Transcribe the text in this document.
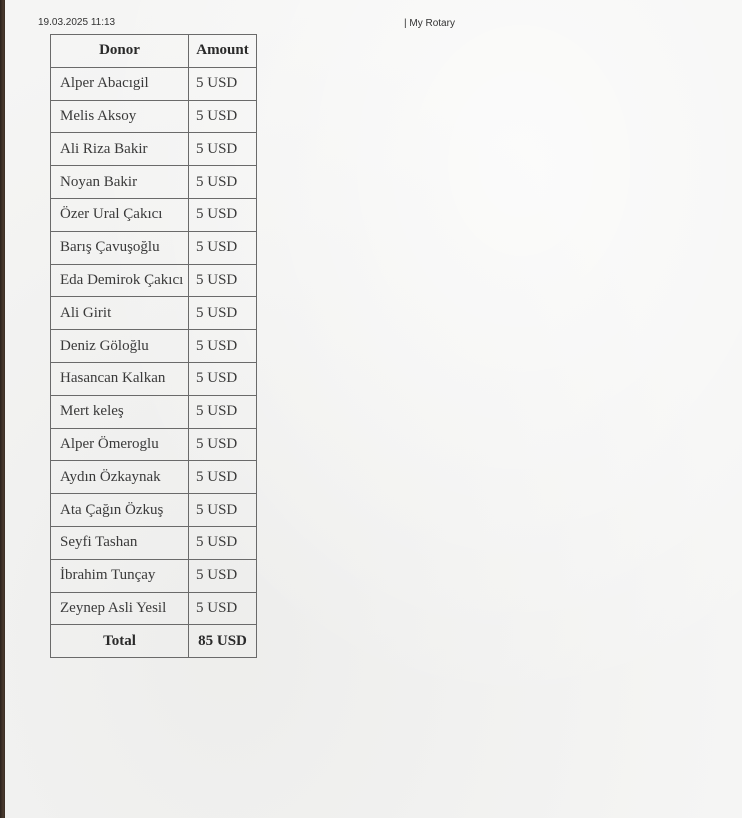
19.03.2025 11:13	| My Rotary
Donor	Amount
Alper Abacıgil	5 USD
Melis Aksoy	5 USD
Ali Riza Bakir	5 USD
Noyan Bakir	5 USD
Özer Ural Çakıcı	5 USD
Barış Çavuşoğlu	5 USD
Eda Demirok Çakıcı	5 USD
Ali Girit	5 USD
Deniz Göloğlu	5 USD
Hasancan Kalkan	5 USD
Mert keleş	5 USD
Alper Ömeroglu	5 USD
Aydın Özkaynak	5 USD
Ata Çağın Özkuş	5 USD
Seyfi Tashan	5 USD
İbrahim Tunçay	5 USD
Zeynep Asli Yesil	5 USD
Total	85 USD
